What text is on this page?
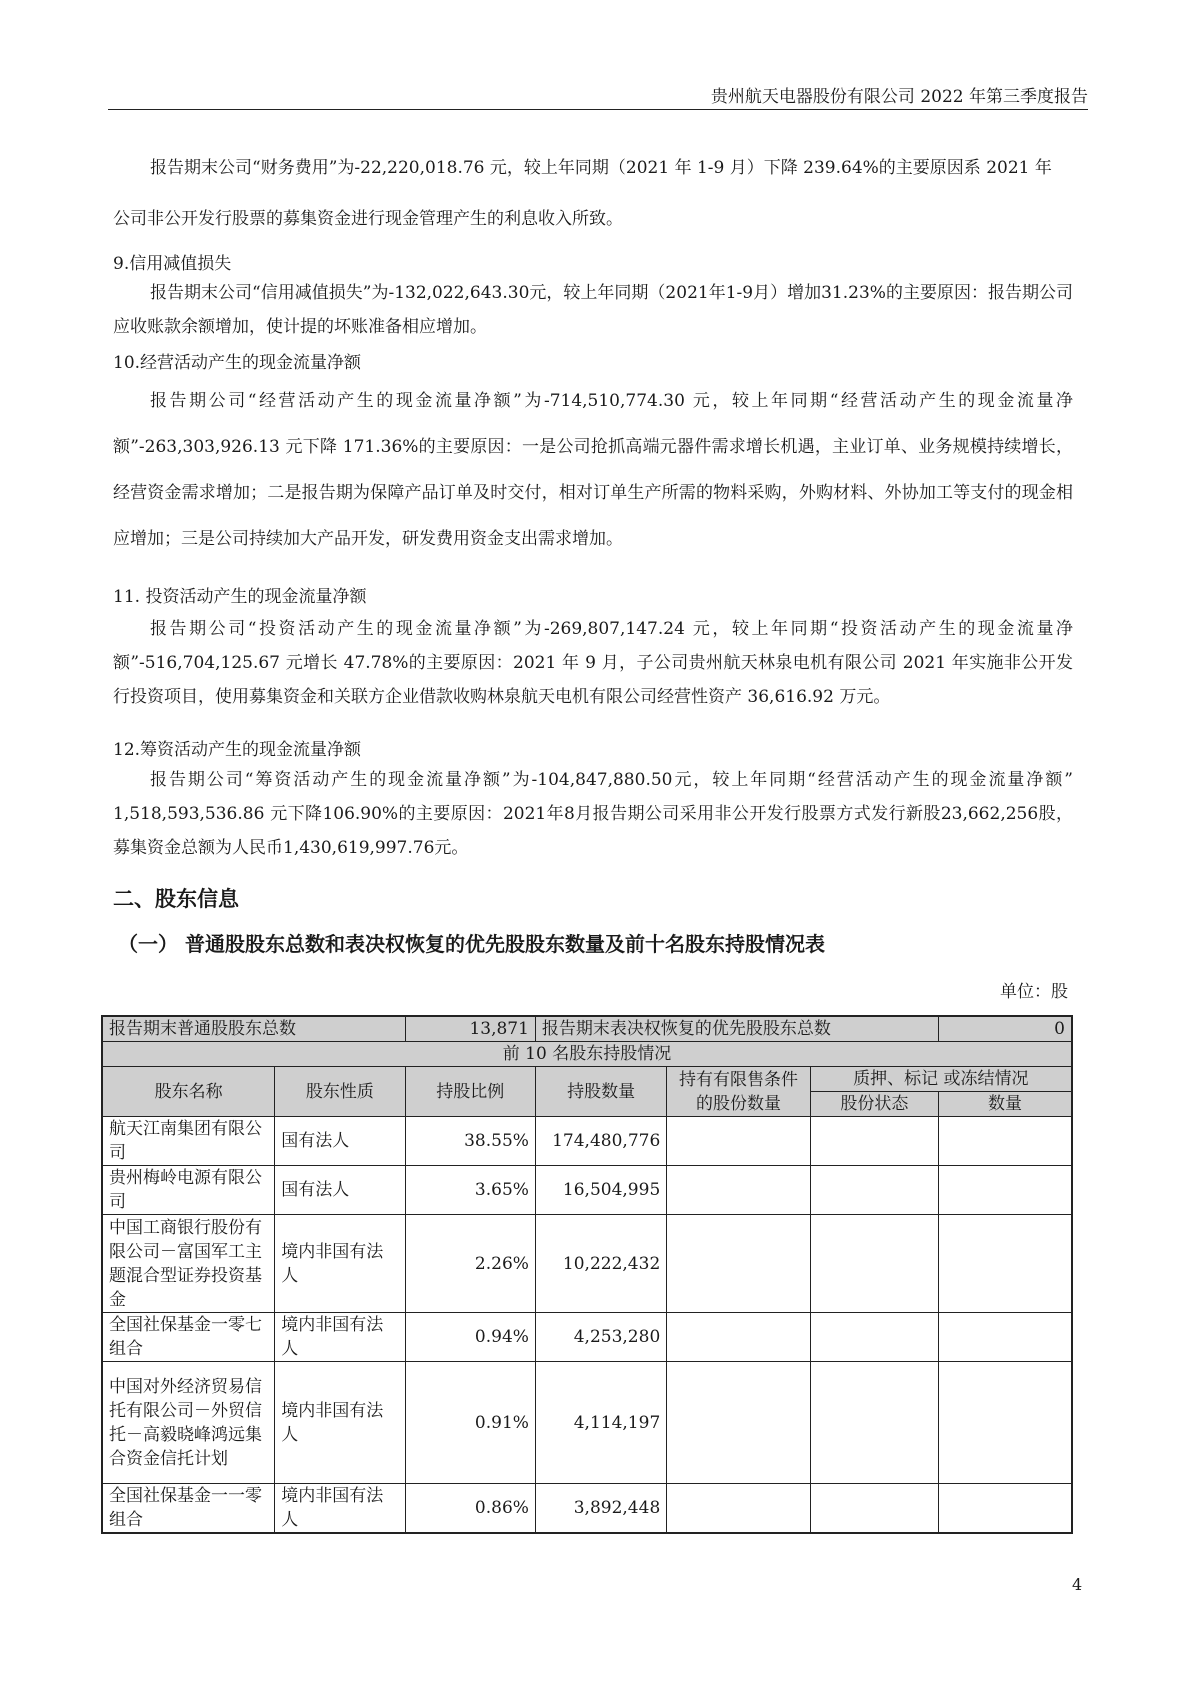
贵州航天电器股份有限公司 2022 年第三季度报告

报告期末公司“财务费用”为-22,220,018.76 元，较上年同期（2021 年 1-9 月）下降 239.64%的主要原因系 2021 年

公司非公开发行股票的募集资金进行现金管理产生的利息收入所致。

9.信用减值损失

报告期末公司“信用减值损失”为-132,022,643.30元，较上年同期（2021年1-9月）增加31.23%的主要原因：报告期公司应收账款余额增加，使计提的坏账准备相应增加。

10.经营活动产生的现金流量净额

报告期公司“经营活动产生的现金流量净额”为-714,510,774.30 元，较上年同期“经营活动产生的现金流量净额”-263,303,926.13 元下降 171.36%的主要原因：一是公司抢抓高端元器件需求增长机遇，主业订单、业务规模持续增长，经营资金需求增加；二是报告期为保障产品订单及时交付，相对订单生产所需的物料采购，外购材料、外协加工等支付的现金相应增加；三是公司持续加大产品开发，研发费用资金支出需求增加。

11. 投资活动产生的现金流量净额

报告期公司“投资活动产生的现金流量净额”为-269,807,147.24 元，较上年同期“投资活动产生的现金流量净额”-516,704,125.67 元增长 47.78%的主要原因：2021 年 9 月，子公司贵州航天林泉电机有限公司 2021 年实施非公开发行投资项目，使用募集资金和关联方企业借款收购林泉航天电机有限公司经营性资产 36,616.92 万元。

12.筹资活动产生的现金流量净额

报告期公司“筹资活动产生的现金流量净额”为-104,847,880.50元，较上年同期“经营活动产生的现金流量净额” 1,518,593,536.86 元下降106.90%的主要原因：2021年8月报告期公司采用非公开发行股票方式发行新股23,662,256股，募集资金总额为人民币1,430,619,997.76元。

二、股东信息
（一） 普通股股东总数和表决权恢复的优先股股东数量及前十名股东持股情况表
单位：股
报告期末普通股股东总数		13,871	报告期末表决权恢复的优先股股东总数			0
前 10 名股东持股情况						
股东名称	股东性质	持股比例	持股数量	持有有限售条件的股份数量	质押、标记 或冻结情况	
					股份状态	数量
航天江南集团有限公司	国有法人	38.55%	174,480,776			
贵州梅岭电源有限公司	国有法人	3.65%	16,504,995			
中国工商银行股份有限公司－富国军工主题混合型证券投资基金	境内非国有法人	2.26%	10,222,432			
全国社保基金一零七组合	境内非国有法人	0.94%	4,253,280			
中国对外经济贸易信托有限公司－外贸信托－高毅晓峰鸿远集合资金信托计划	境内非国有法人	0.91%	4,114,197			
全国社保基金一一零组合	境内非国有法人	0.86%	3,892,448			
4
